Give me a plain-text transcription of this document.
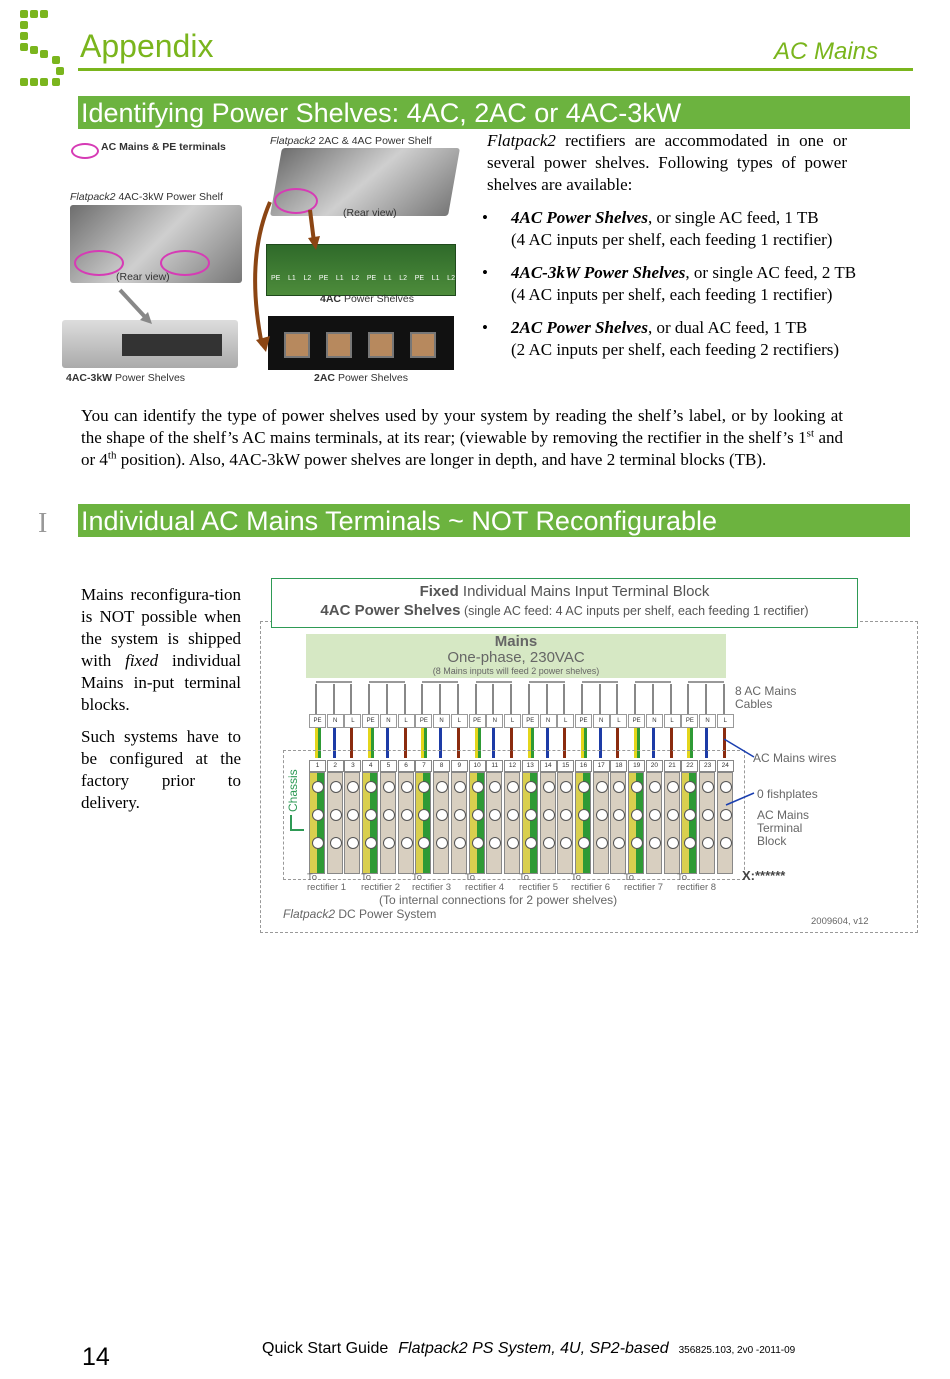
Appendix	AC Mains
Identifying Power Shelves: 4AC, 2AC or 4AC-3kW
AC Mains & PE terminals	Flatpack2 2AC & 4AC Power Shelf
Flatpack2 4AC-3kW Power Shelf
(Rear view)
(Rear view)	PE L1 L2 PE L1 L2 PE L1 L2 PE L1 L2
4AC Power Shelves
2AC Power Shelves
4AC-3kW Power Shelves
Flatpack2 rectifiers are accommodated in one or several power shelves. Following types of power shelves are available:
• 4AC Power Shelves, or single AC feed, 1 TB
(4 AC inputs per shelf, each feeding 1 rectifier)
• 4AC-3kW Power Shelves, or single AC feed, 2 TB
(4 AC inputs per shelf, each feeding 1 rectifier)
• 2AC Power Shelves, or dual AC feed, 1 TB
(2 AC inputs per shelf, each feeding 2 rectifiers)
You can identify the type of power shelves used by your system by reading the shelf’s label, or by looking at the shape of the shelf’s AC mains terminals, at its rear; (viewable by removing the rectifier in the shelf’s 1st and or 4th position). Also, 4AC-3kW power shelves are longer in depth, and have 2 terminal blocks (TB).
I Individual AC Mains Terminals ~ NOT Reconfigurable

Mains reconfigura-tion is NOT possible when the system is shipped with fixed individual Mains in-put terminal blocks.

Such systems have to be configured at the factory prior to delivery.

Fixed Individual Mains Input Terminal Block
4AC Power Shelves (single AC feed: 4 AC inputs per shelf, each feeding 1 rectifier)
Mains
One-phase, 230VAC
(8 Mains inputs will feed 2 power shelves)
PE
1
N
2
L
3
PE
4
N
5
L
6
PE
7
N
8
L
9
PE
10
N
11
L
12
PE
13
N
14
L
15
PE
16
N
17
L
18
PE
19
N
20
L
21
PE
22
N
23
L
24
Chassis
8 AC Mains Cables
AC Mains wires
0 fishplates
AC Mains Terminal Block
X:******
To
rectifier 1
To
rectifier 2
To
rectifier 3
To
rectifier 4
To
rectifier 5
To
rectifier 6
To
rectifier 7
To
rectifier 8
(To internal connections for 2 power shelves)
Flatpack2 DC Power System
2009604, v12
14	Quick Start Guide Flatpack2 PS System, 4U, SP2-based 356825.103, 2v0 -2011-09
